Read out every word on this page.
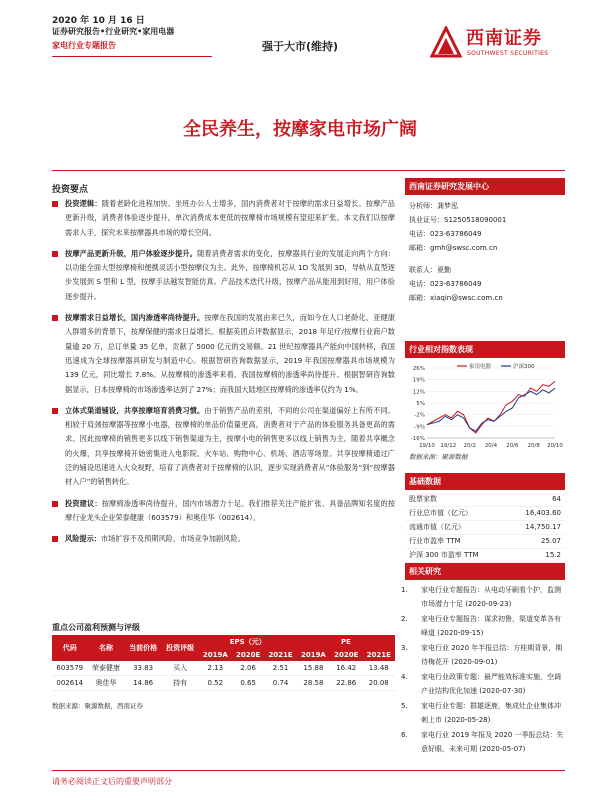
2020 年 10 月 16 日
证券研究报告•行业研究•家用电器
家电行业专题报告	强于大市(维持)	西南证券
SOUTHWEST SECURITIES
全民养生，按摩家电市场广阔
投资要点
投资逻辑：随着老龄化进程加快、坐班办公人士增多，国内消费者对于按摩的需求日益增长。按摩产品更新升级，消费者体验逐步提升，单次消费成本更低的按摩椅市场规模有望迎来扩张。本文我们以按摩需求入手，探究未来按摩器具市场的增长空间。
按摩产品更新升级，用户体验逐步提升。随着消费者需求的变化，按摩器具行业的发展走向两个方向：以功能全面大型按摩椅和便携灵活小型按摩仪为主。此外，按摩椅机芯从 1D 发展到 3D，导轨从直型逐步发展到 S 型和 L 型，按摩手法越发智能仿真。产品技术迭代升级，按摩产品从能用到好用，用户体验逐步提升。
按摩需求日益增长，国内渗透率尚待提升。按摩在我国的发展由来已久，而如今在人口老龄化、亚健康人群增多的背景下，按摩保健的需求日益增长。根据美团点评数据显示，2018 年足疗/按摩行业商户数量逾 20 万，总订单量 35 亿单，贡献了 5000 亿元的交易额。21 世纪按摩器具产能向中国转移，我国迅速成为全球按摩器具研发与制造中心。根据智研咨询数据显示，2019 年我国按摩器具市场规模为 139 亿元，同比增长 7.8%。从按摩椅的渗透率来看，我国按摩椅的渗透率尚待提升。根据智研咨询数据显示，日本按摩椅的市场渗透率达到了 27%；而我国大陆地区按摩椅的渗透率仅约为 1%。
立体式渠道铺设，共享按摩培育消费习惯。由于销售产品的差别，不同的公司在渠道偏好上有所不同。相较于肩颈按摩器等按摩小电器，按摩椅的单品价值量更高，消费者对于产品的体验服务具备更高的需求。因此按摩椅的销售更多以线下销售渠道为主，按摩小电的销售更多以线上销售为主。随着共享概念的火爆，共享按摩椅开始密集进入电影院、火车站、购物中心、机场、酒店等场景。共享按摩椅通过广泛的铺设迅速进入大众视野，培育了消费者对于按摩椅的认识，逐步实现消费者从“体验服务”到“按摩器材入户”的销售转化。
投资建议：按摩椅渗透率尚待提升，国内市场潜力十足。我们推荐关注产能扩张、具备品牌知名度的按摩行业龙头企业荣泰健康（603579）和奥佳华（002614）。
风险提示：市场扩容不及预期风险、市场竞争加剧风险。
重点公司盈利预测与评级
代码	名称	当前价格	投资评级	EPS（元）			PE		
				2019A	2020E	2021E	2019A	2020E	2021E
603579	荣泰健康	33.83	买入	2.13	2.06	2.51	15.88	16.42	13.48
002614	奥佳华	14.86	持有	0.52	0.65	0.74	28.58	22.86	20.08
数据来源：聚源数据，西南证券
西南证券研究发展中心
分析师：龚梦泓
执业证号：S1250518090001
电话：023-63786049
邮箱：gmh@swsc.com.cn
联系人：夏勤
电话：023-63786049
邮箱：xiaqin@swsc.com.cn
行业相对指数表现
26%
19%
12%
5%
-2%
-9%
-16%
19/10 19/12 20/2 20/4 20/6 20/8 20/10
家用电器	沪深300
数据来源：聚源数据
基础数据
股票家数	64
行业总市值（亿元）	16,403.60
流通市值（亿元）	14,750.17
行业市盈率 TTM	25.07
沪深 300 市盈率 TTM	15.2
相关研究
1. 家电行业专题报告：从电动牙刷看个护，监测市场潜力十足 (2020-09-23)
2. 家电行业专题报告：谋求初鲁，渠道变革各有峰道 (2020-09-15)
3. 家电行业 2020 年半报总结：方桂期背景，期待梅花开 (2020-09-01)
4. 家电行业政策专题：最严能效标准实施，空调产业结构优化加速 (2020-07-30)
5. 家电行业专题：群雄逐鹿，集成灶企业集体冲刺上市 (2020-05-28)
6. 家电行业 2019 年报及 2020 一季报总结：失意好眼，未来可期 (2020-05-07)
请务必阅读正文后的重要声明部分
